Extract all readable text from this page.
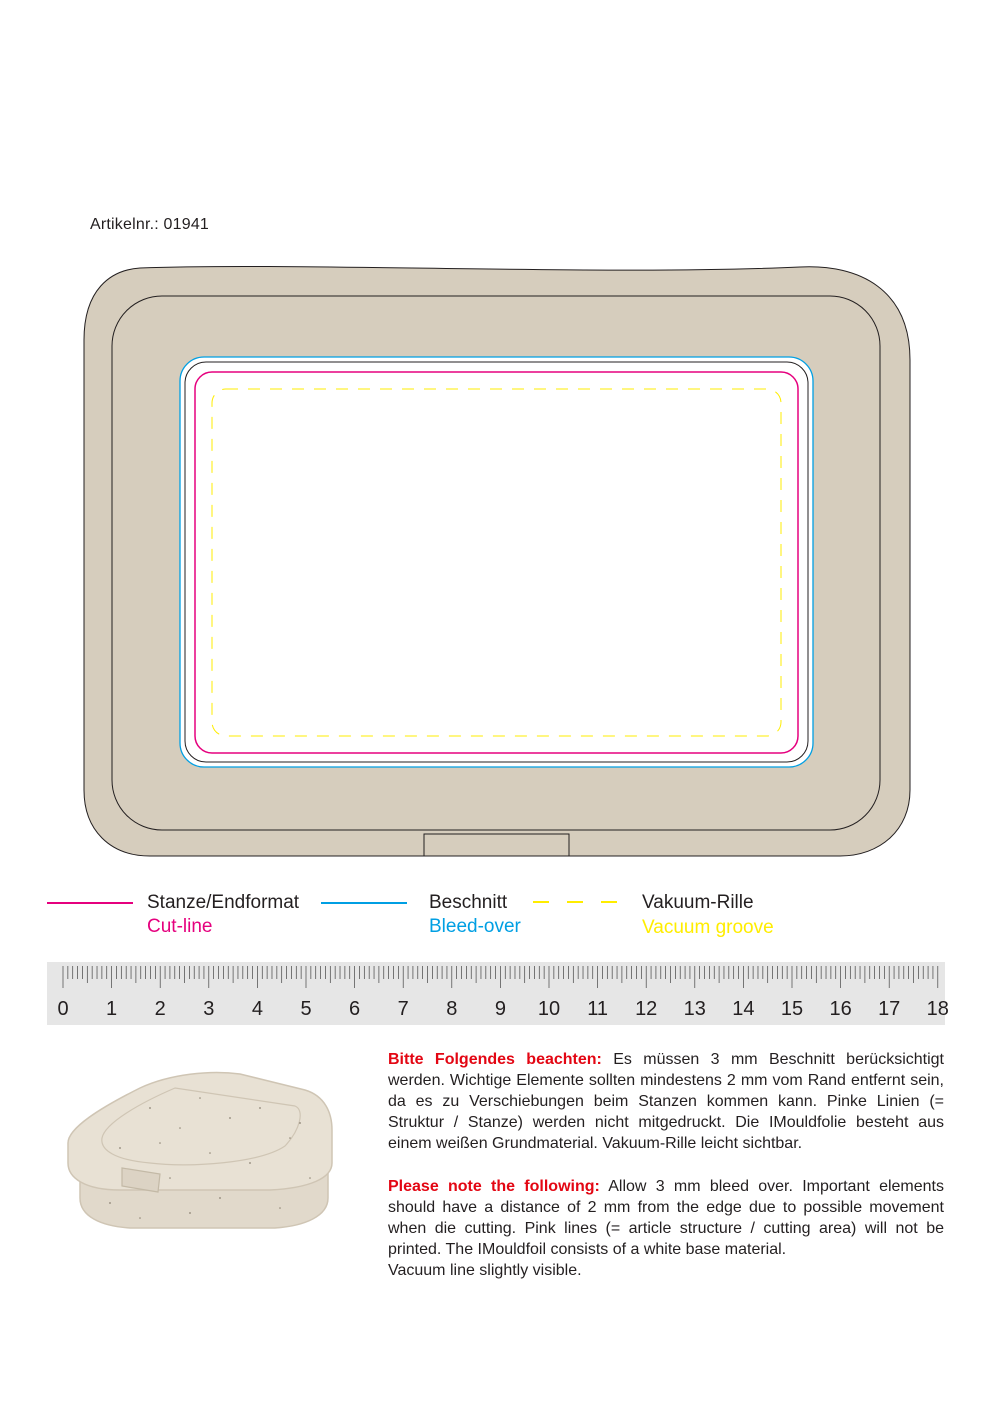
Artikelnr.: 01941
Stanze/Endformat
Cut-line
Beschnitt
Bleed-over
Vakuum-Rille
Vacuum groove
0 1 2 3 4 5 6 7 8 9 10 11 12 13 14 15 16 17 18
Bitte Folgendes beachten: Es müssen 3 mm Beschnitt berücksichtigt werden. Wichtige Elemente sollten mindestens 2 mm vom Rand entfernt sein, da es zu Verschiebungen beim Stanzen kommen kann. Pinke Linien (= Struktur / Stanze) werden nicht mitgedruckt. Die IMouldfolie besteht aus einem weißen Grundmaterial. Vakuum-Rille leicht sichtbar.
Please note the following: Allow 3 mm bleed over. Important elements should have a distance of 2 mm from the edge due to possible movement when die cutting. Pink lines (= article structure / cutting area) will not be printed. The IMouldfoil consists of a white base material.
Vacuum line slightly visible.
